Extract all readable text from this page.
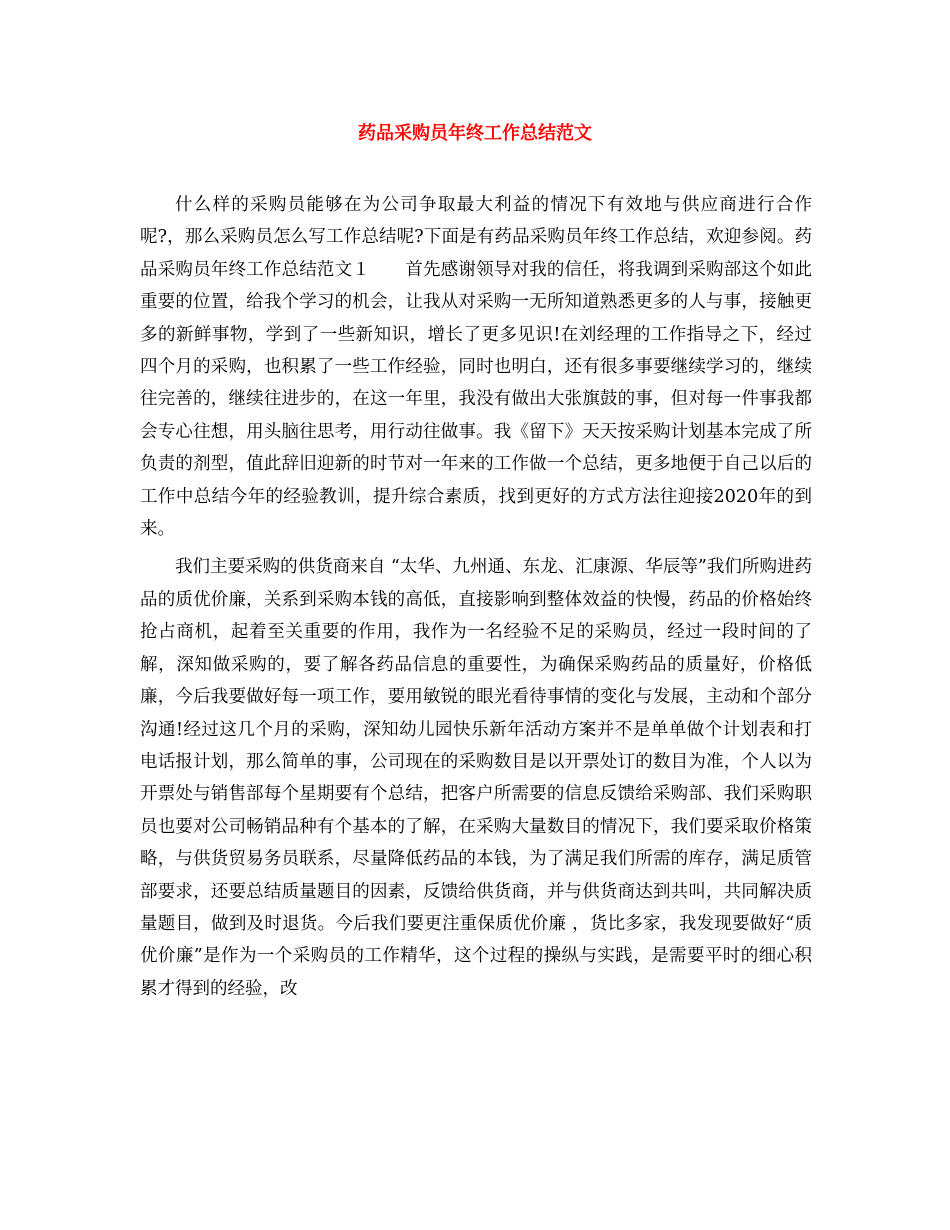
药品采购员年终工作总结范文

什么样的采购员能够在为公司争取最大利益的情况下有效地与供应商进行合作呢?，那么采购员怎么写工作总结呢?下面是有药品采购员年终工作总结，欢迎参阅。药品采购员年终工作总结范文１　　首先感谢领导对我的信任，将我调到采购部这个如此重要的位置，给我个学习的机会，让我从对采购一无所知道熟悉更多的人与事，接触更多的新鲜事物，学到了一些新知识，增长了更多见识!在刘经理的工作指导之下，经过四个月的采购，也积累了一些工作经验，同时也明白，还有很多事要继续学习的，继续往完善的，继续往进步的，在这一年里，我没有做出大张旗鼓的事，但对每一件事我都会专心往想，用头脑往思考，用行动往做事。我《留下》天天按采购计划基本完成了所负责的剂型，值此辞旧迎新的时节对一年来的工作做一个总结，更多地便于自己以后的工作中总结今年的经验教训，提升综合素质，找到更好的方式方法往迎接2020年的到来。

我们主要采购的供货商来自 “太华、九州通、东龙、汇康源、华辰等”我们所购进药品的质优价廉，关系到采购本钱的高低，直接影响到整体效益的快慢，药品的价格始终抢占商机，起着至关重要的作用，我作为一名经验不足的采购员，经过一段时间的了解，深知做采购的，要了解各药品信息的重要性，为确保采购药品的质量好，价格低廉，今后我要做好每一项工作，要用敏锐的眼光看待事情的变化与发展，主动和个部分沟通!经过这几个月的采购，深知幼儿园快乐新年活动方案并不是单单做个计划表和打电话报计划，那么简单的事，公司现在的采购数目是以开票处订的数目为准，个人以为开票处与销售部每个星期要有个总结，把客户所需要的信息反馈给采购部、我们采购职员也要对公司畅销品种有个基本的了解，在采购大量数目的情况下，我们要采取价格策略，与供货贸易务员联系，尽量降低药品的本钱，为了满足我们所需的库存，满足质管部要求，还要总结质量题目的因素，反馈给供货商，并与供货商达到共叫，共同解决质量题目，做到及时退货。今后我们要更注重保质优价廉 ，货比多家，我发现要做好“质优价廉”是作为一个采购员的工作精华，这个过程的操纵与实践，是需要平时的细心积累才得到的经验，改
